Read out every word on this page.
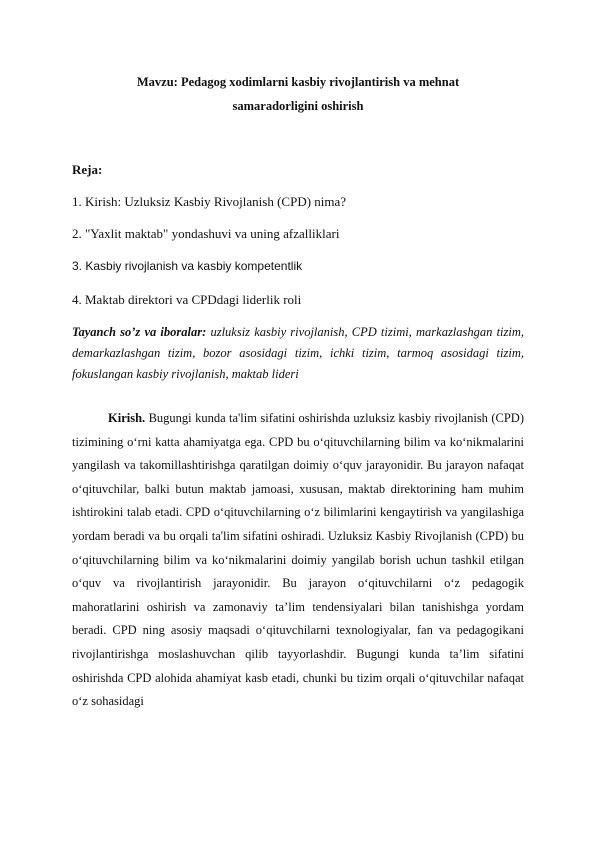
Mavzu: Pedagog xodimlarni kasbiy rivojlantirish va mehnat
samaradorligini oshirish
Reja:
1. Kirish: Uzluksiz Kasbiy Rivojlanish (CPD) nima?
2. "Yaxlit maktab" yondashuvi va uning afzalliklari
3. Kasbiy rivojlanish va kasbiy kompetentlik
4. Maktab direktori va CPDdagi liderlik roli
Tayanch so’z va iboralar: uzluksiz kasbiy rivojlanish, CPD tizimi, markazlashgan tizim, demarkazlashgan tizim, bozor asosidagi tizim, ichki tizim, tarmoq asosidagi tizim, fokuslangan kasbiy rivojlanish, maktab lideri
Kirish. Bugungi kunda ta'lim sifatini oshirishda uzluksiz kasbiy rivojlanish (CPD) tizimining o‘rni katta ahamiyatga ega. CPD bu o‘qituvchilarning bilim va ko‘nikmalarini yangilash va takomillashtirishga qaratilgan doimiy o‘quv jarayonidir. Bu jarayon nafaqat o‘qituvchilar, balki butun maktab jamoasi, xususan, maktab direktorining ham muhim ishtirokini talab etadi. CPD o‘qituvchilarning o‘z bilimlarini kengaytirish va yangilashiga yordam beradi va bu orqali ta'lim sifatini oshiradi. Uzluksiz Kasbiy Rivojlanish (CPD) bu o‘qituvchilarning bilim va ko‘nikmalarini doimiy yangilab borish uchun tashkil etilgan o‘quv va rivojlantirish jarayonidir. Bu jarayon o‘qituvchilarni o‘z pedagogik mahoratlarini oshirish va zamonaviy ta’lim tendensiyalari bilan tanishishga yordam beradi. CPD ning asosiy maqsadi o‘qituvchilarni texnologiyalar, fan va pedagogikani rivojlantirishga moslashuvchan qilib tayyorlashdir. Bugungi kunda ta’lim sifatini oshirishda CPD alohida ahamiyat kasb etadi, chunki bu tizim orqali o‘qituvchilar nafaqat o‘z sohasidagi
